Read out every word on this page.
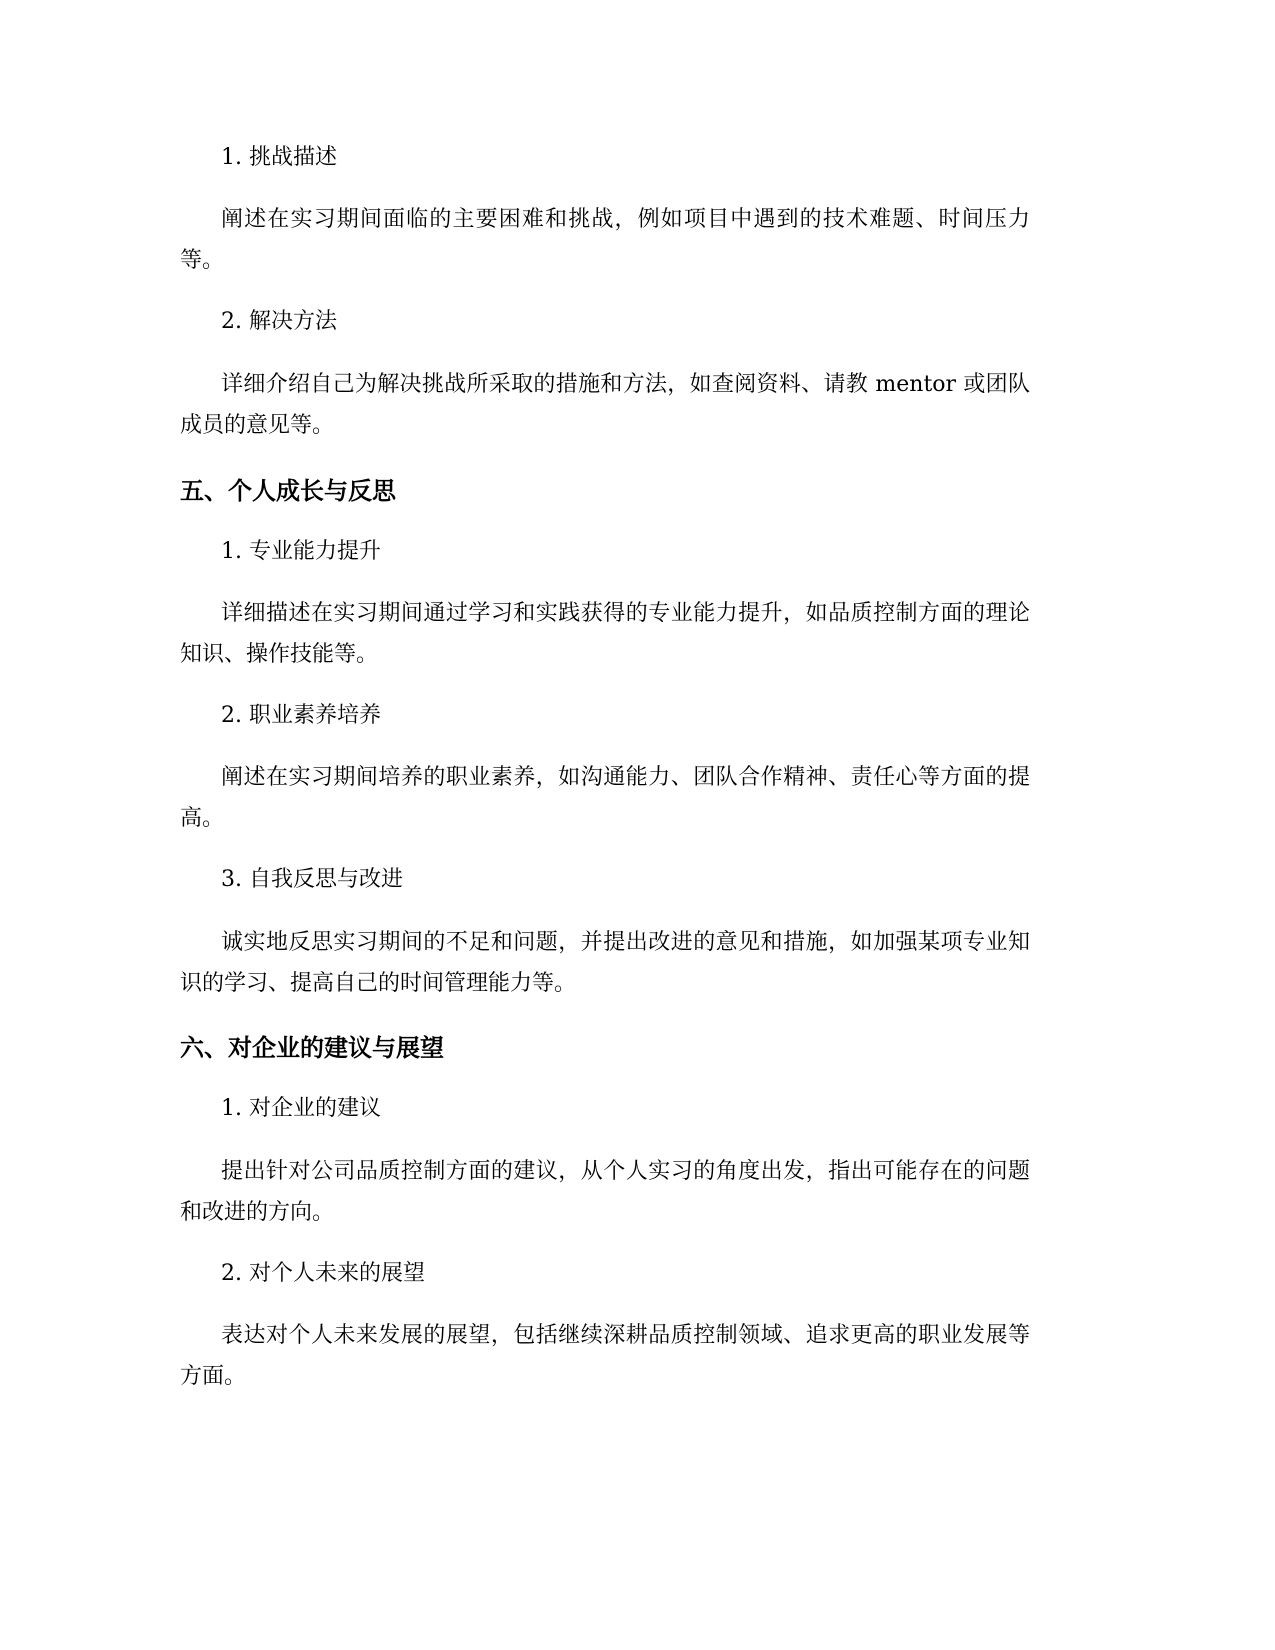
1. 挑战描述

阐述在实习期间面临的主要困难和挑战，例如项目中遇到的技术难题、时间压力等。

2. 解决方法

详细介绍自己为解决挑战所采取的措施和方法，如查阅资料、请教 mentor 或团队成员的意见等。

五、个人成长与反思
1. 专业能力提升

详细描述在实习期间通过学习和实践获得的专业能力提升，如品质控制方面的理论知识、操作技能等。

2. 职业素养培养

阐述在实习期间培养的职业素养，如沟通能力、团队合作精神、责任心等方面的提高。

3. 自我反思与改进

诚实地反思实习期间的不足和问题，并提出改进的意见和措施，如加强某项专业知识的学习、提高自己的时间管理能力等。

六、对企业的建议与展望
1. 对企业的建议

提出针对公司品质控制方面的建议，从个人实习的角度出发，指出可能存在的问题和改进的方向。

2. 对个人未来的展望

表达对个人未来发展的展望，包括继续深耕品质控制领域、追求更高的职业发展等方面。
